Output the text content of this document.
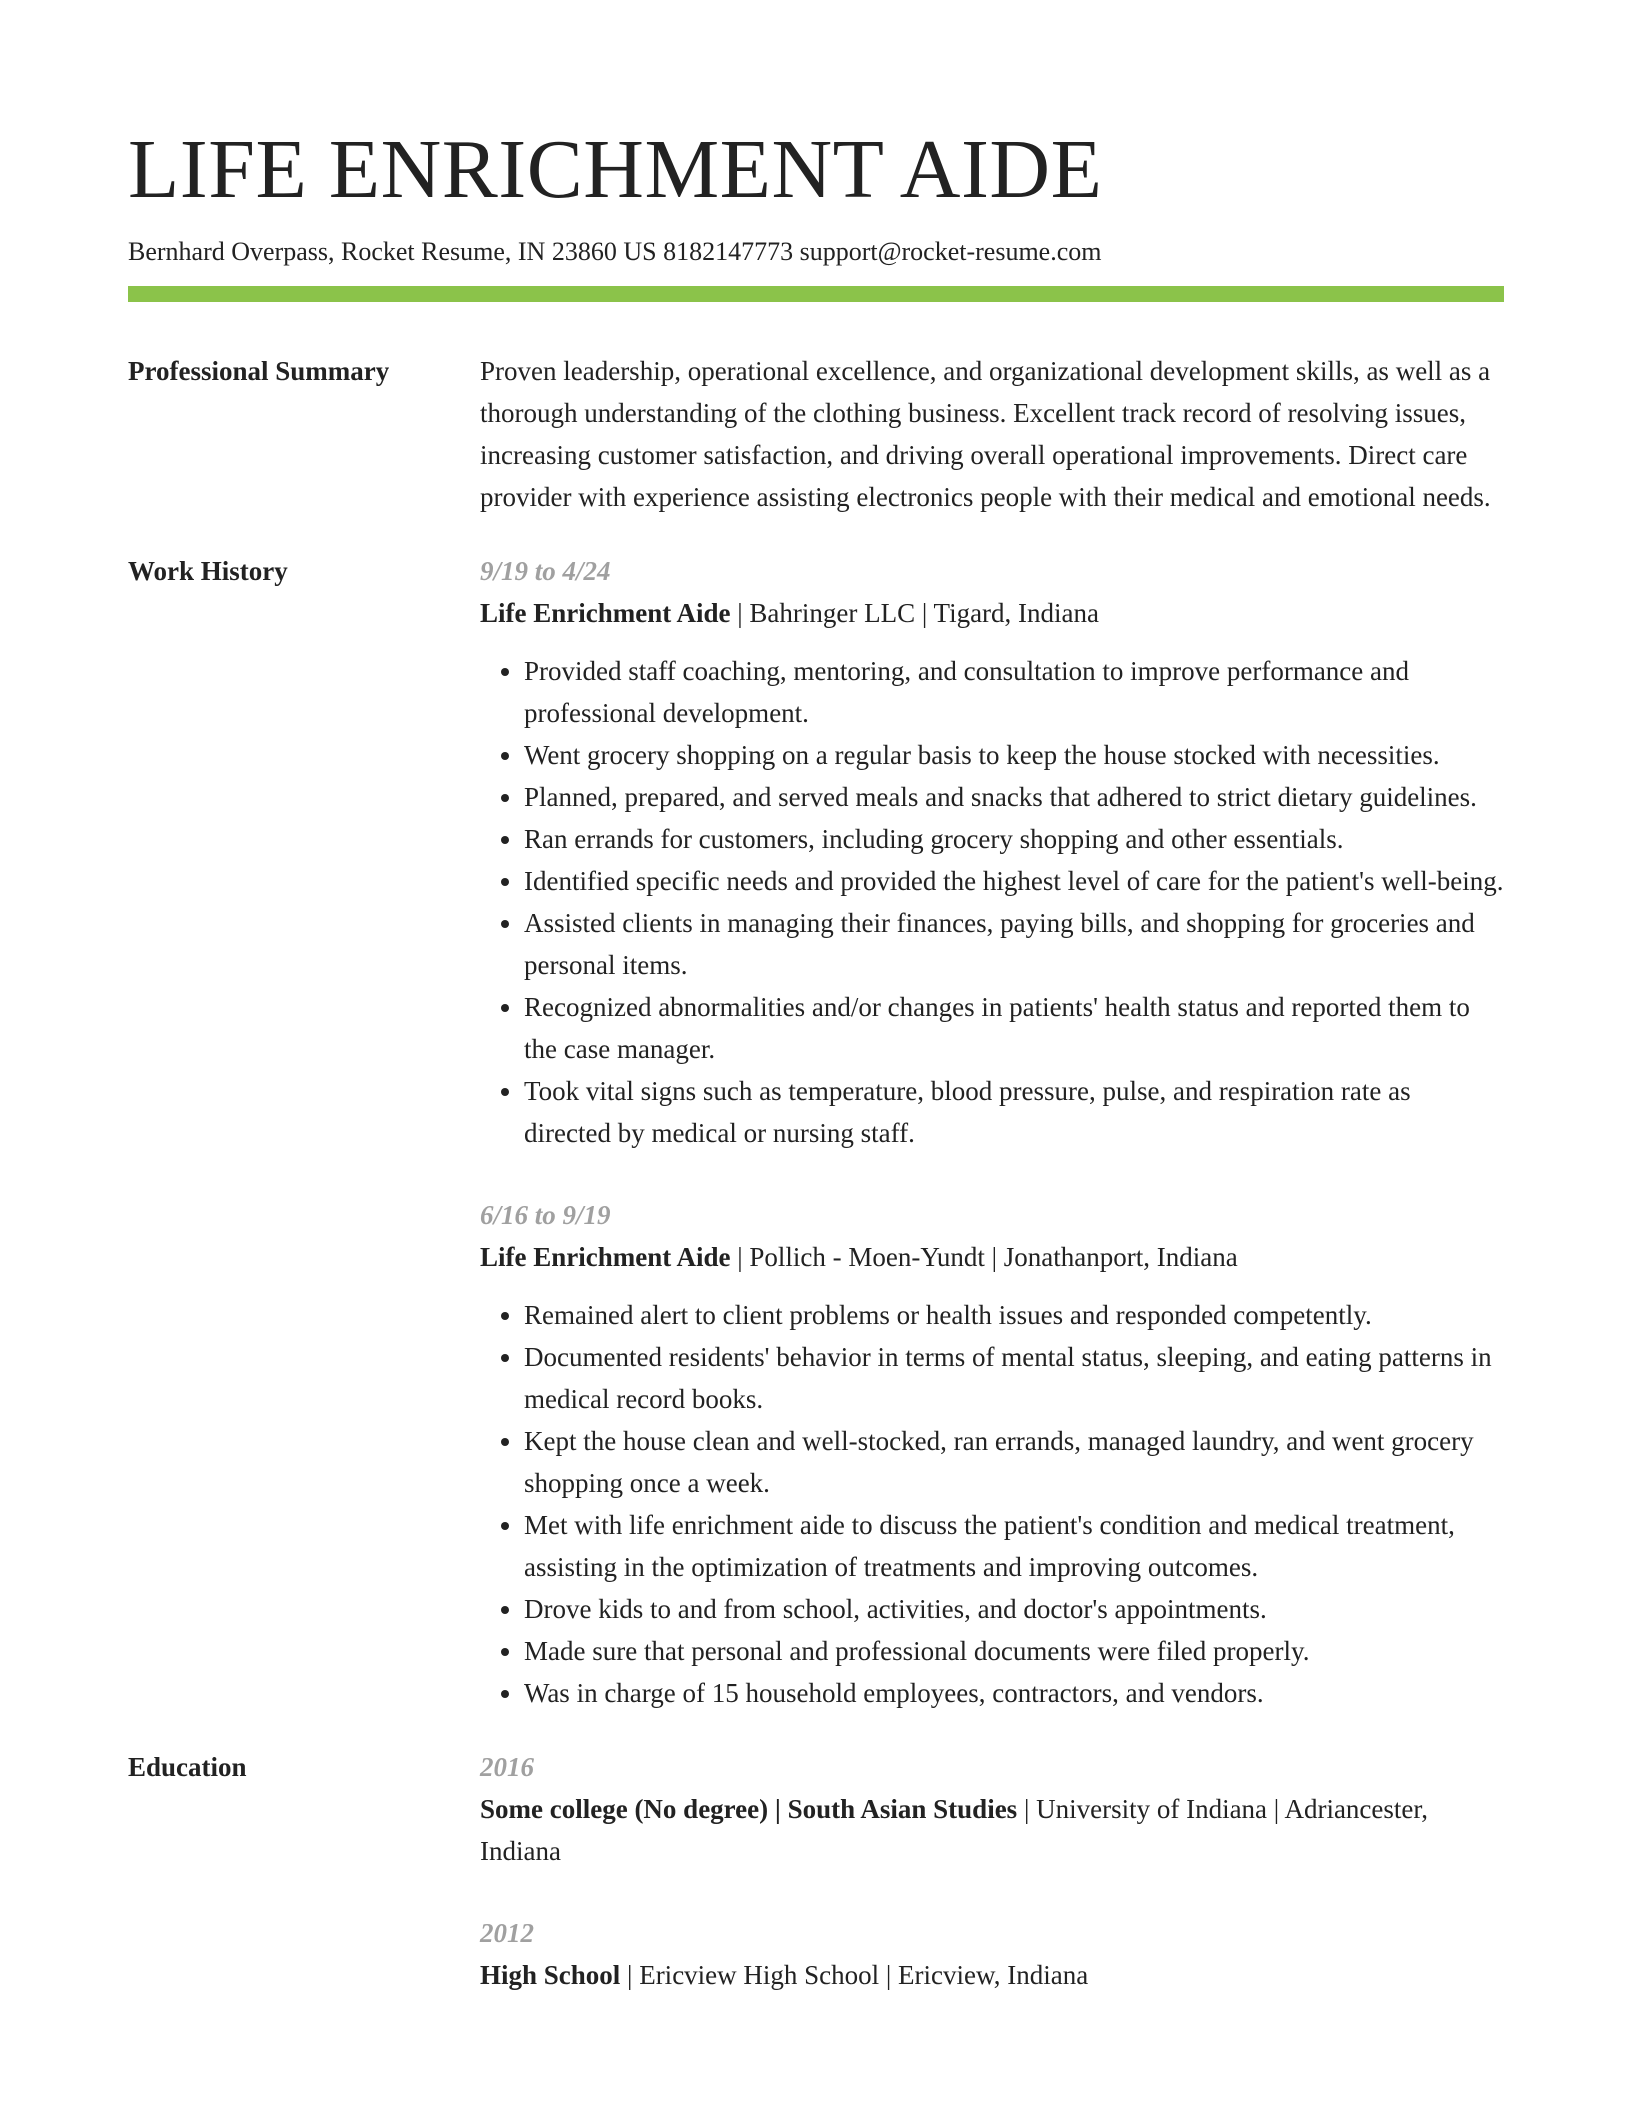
LIFE ENRICHMENT AIDE
Bernhard Overpass, Rocket Resume, IN 23860 US 8182147773 support@rocket-resume.com
Professional Summary	Proven leadership, operational excellence, and organizational development skills, as well as a thorough understanding of the clothing business. Excellent track record of resolving issues, increasing customer satisfaction, and driving overall operational improvements. Direct care provider with experience assisting electronics people with their medical and emotional needs.
Work History	9/19 to 4/24
Life Enrichment Aide | Bahringer LLC | Tigard, Indiana
• Provided staff coaching, mentoring, and consultation to improve performance and professional development.
• Went grocery shopping on a regular basis to keep the house stocked with necessities.
• Planned, prepared, and served meals and snacks that adhered to strict dietary guidelines.
• Ran errands for customers, including grocery shopping and other essentials.
• Identified specific needs and provided the highest level of care for the patient's well-being.
• Assisted clients in managing their finances, paying bills, and shopping for groceries and personal items.
• Recognized abnormalities and/or changes in patients' health status and reported them to the case manager.
• Took vital signs such as temperature, blood pressure, pulse, and respiration rate as directed by medical or nursing staff.
6/16 to 9/19
Life Enrichment Aide | Pollich - Moen-Yundt | Jonathanport, Indiana
• Remained alert to client problems or health issues and responded competently.
• Documented residents' behavior in terms of mental status, sleeping, and eating patterns in medical record books.
• Kept the house clean and well-stocked, ran errands, managed laundry, and went grocery shopping once a week.
• Met with life enrichment aide to discuss the patient's condition and medical treatment, assisting in the optimization of treatments and improving outcomes.
• Drove kids to and from school, activities, and doctor's appointments.
• Made sure that personal and professional documents were filed properly.
• Was in charge of 15 household employees, contractors, and vendors.
Education	2016
Some college (No degree) | South Asian Studies | University of Indiana | Adriancester, Indiana
2012
High School | Ericview High School | Ericview, Indiana
